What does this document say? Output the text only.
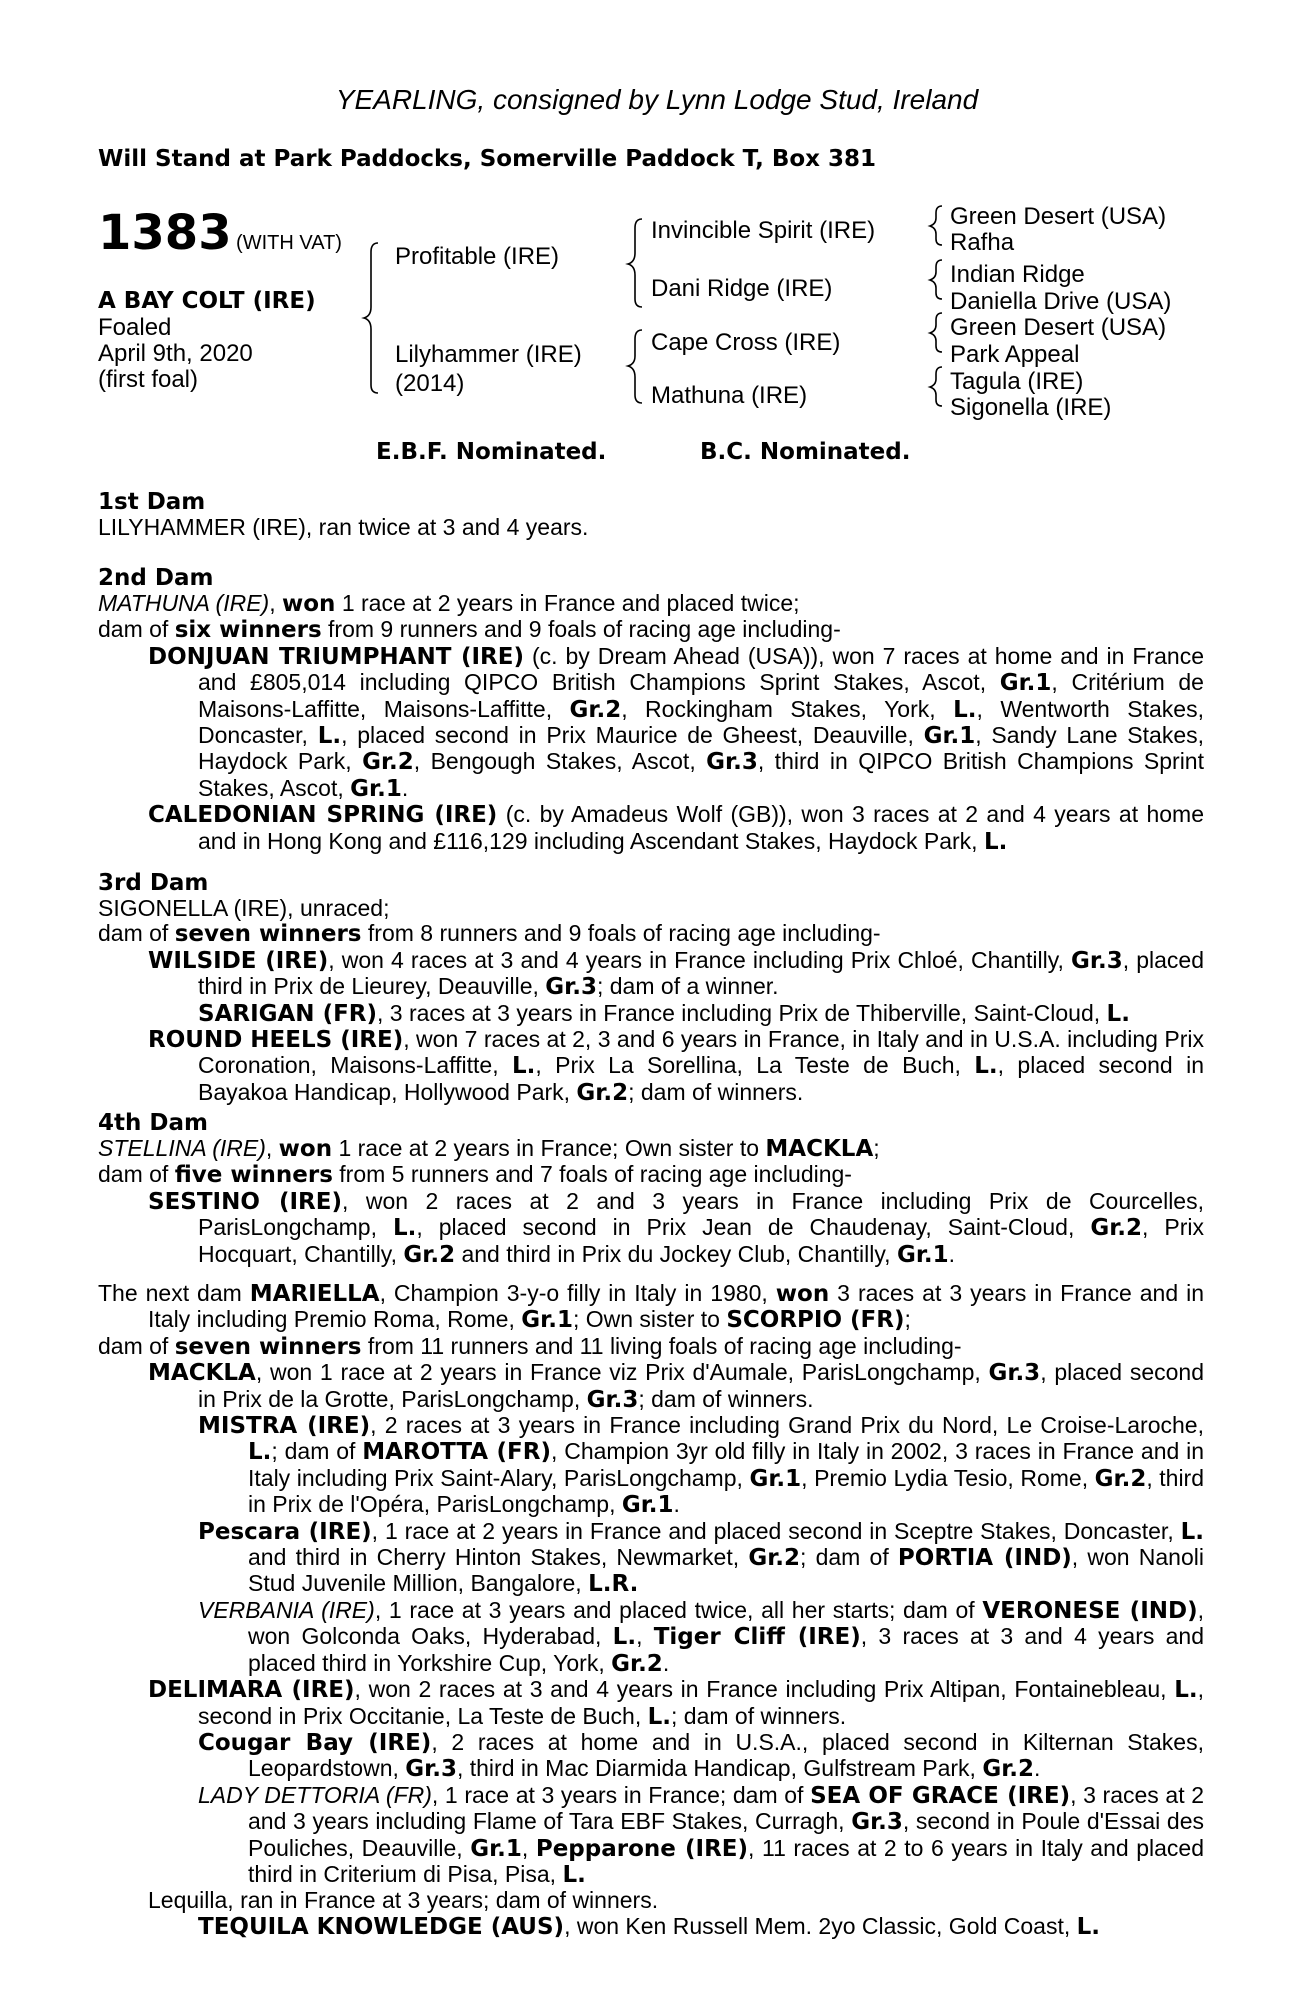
YEARLING, consigned by Lynn Lodge Stud, Ireland
Will Stand at Park Paddocks, Somerville Paddock T, Box 381
1383 (WITH VAT)
A BAY COLT (IRE)
Foaled
April 9th, 2020
(first foal)
Profitable (IRE)
Lilyhammer (IRE)
(2014)
Invincible Spirit (IRE)
Dani Ridge (IRE)
Cape Cross (IRE)
Mathuna (IRE)
Green Desert (USA)
Rafha
Indian Ridge
Daniella Drive (USA)
Green Desert (USA)
Park Appeal
Tagula (IRE)
Sigonella (IRE)
E.B.F. Nominated.	B.C. Nominated.
1st Dam

LILYHAMMER (IRE), ran twice at 3 and 4 years.

2nd Dam

MATHUNA (IRE), won 1 race at 2 years in France and placed twice;

dam of six winners from 9 runners and 9 foals of racing age including-

DONJUAN TRIUMPHANT (IRE) (c. by Dream Ahead (USA)), won 7 races at home and in France and £805,014 including QIPCO British Champions Sprint Stakes, Ascot, Gr.1, Critérium de Maisons-Laffitte, Maisons-Laffitte, Gr.2, Rockingham Stakes, York, L., Wentworth Stakes, Doncaster, L., placed second in Prix Maurice de Gheest, Deauville, Gr.1, Sandy Lane Stakes, Haydock Park, Gr.2, Bengough Stakes, Ascot, Gr.3, third in QIPCO British Champions Sprint Stakes, Ascot, Gr.1.

CALEDONIAN SPRING (IRE) (c. by Amadeus Wolf (GB)), won 3 races at 2 and 4 years at home and in Hong Kong and £116,129 including Ascendant Stakes, Haydock Park, L.

3rd Dam

SIGONELLA (IRE), unraced;

dam of seven winners from 8 runners and 9 foals of racing age including-

WILSIDE (IRE), won 4 races at 3 and 4 years in France including Prix Chloé, Chantilly, Gr.3, placed third in Prix de Lieurey, Deauville, Gr.3; dam of a winner.

SARIGAN (FR), 3 races at 3 years in France including Prix de Thiberville, Saint-Cloud, L.

ROUND HEELS (IRE), won 7 races at 2, 3 and 6 years in France, in Italy and in U.S.A. including Prix Coronation, Maisons-Laffitte, L., Prix La Sorellina, La Teste de Buch, L., placed second in Bayakoa Handicap, Hollywood Park, Gr.2; dam of winners.

4th Dam

STELLINA (IRE), won 1 race at 2 years in France; Own sister to MACKLA;

dam of five winners from 5 runners and 7 foals of racing age including-

SESTINO (IRE), won 2 races at 2 and 3 years in France including Prix de Courcelles, ParisLongchamp, L., placed second in Prix Jean de Chaudenay, Saint-Cloud, Gr.2, Prix Hocquart, Chantilly, Gr.2 and third in Prix du Jockey Club, Chantilly, Gr.1.

The next dam MARIELLA, Champion 3-y-o filly in Italy in 1980, won 3 races at 3 years in France and in Italy including Premio Roma, Rome, Gr.1; Own sister to SCORPIO (FR);

dam of seven winners from 11 runners and 11 living foals of racing age including-

MACKLA, won 1 race at 2 years in France viz Prix d'Aumale, ParisLongchamp, Gr.3, placed second in Prix de la Grotte, ParisLongchamp, Gr.3; dam of winners.

MISTRA (IRE), 2 races at 3 years in France including Grand Prix du Nord, Le Croise-Laroche, L.; dam of MAROTTA (FR), Champion 3yr old filly in Italy in 2002, 3 races in France and in Italy including Prix Saint-Alary, ParisLongchamp, Gr.1, Premio Lydia Tesio, Rome, Gr.2, third in Prix de l'Opéra, ParisLongchamp, Gr.1.

Pescara (IRE), 1 race at 2 years in France and placed second in Sceptre Stakes, Doncaster, L. and third in Cherry Hinton Stakes, Newmarket, Gr.2; dam of PORTIA (IND), won Nanoli Stud Juvenile Million, Bangalore, L.R.

VERBANIA (IRE), 1 race at 3 years and placed twice, all her starts; dam of VERONESE (IND), won Golconda Oaks, Hyderabad, L., Tiger Cliff (IRE), 3 races at 3 and 4 years and placed third in Yorkshire Cup, York, Gr.2.

DELIMARA (IRE), won 2 races at 3 and 4 years in France including Prix Altipan, Fontainebleau, L., second in Prix Occitanie, La Teste de Buch, L.; dam of winners.

Cougar Bay (IRE), 2 races at home and in U.S.A., placed second in Kilternan Stakes, Leopardstown, Gr.3, third in Mac Diarmida Handicap, Gulfstream Park, Gr.2.

LADY DETTORIA (FR), 1 race at 3 years in France; dam of SEA OF GRACE (IRE), 3 races at 2 and 3 years including Flame of Tara EBF Stakes, Curragh, Gr.3, second in Poule d'Essai des Pouliches, Deauville, Gr.1, Pepparone (IRE), 11 races at 2 to 6 years in Italy and placed third in Criterium di Pisa, Pisa, L.

Lequilla, ran in France at 3 years; dam of winners.

TEQUILA KNOWLEDGE (AUS), won Ken Russell Mem. 2yo Classic, Gold Coast, L.
